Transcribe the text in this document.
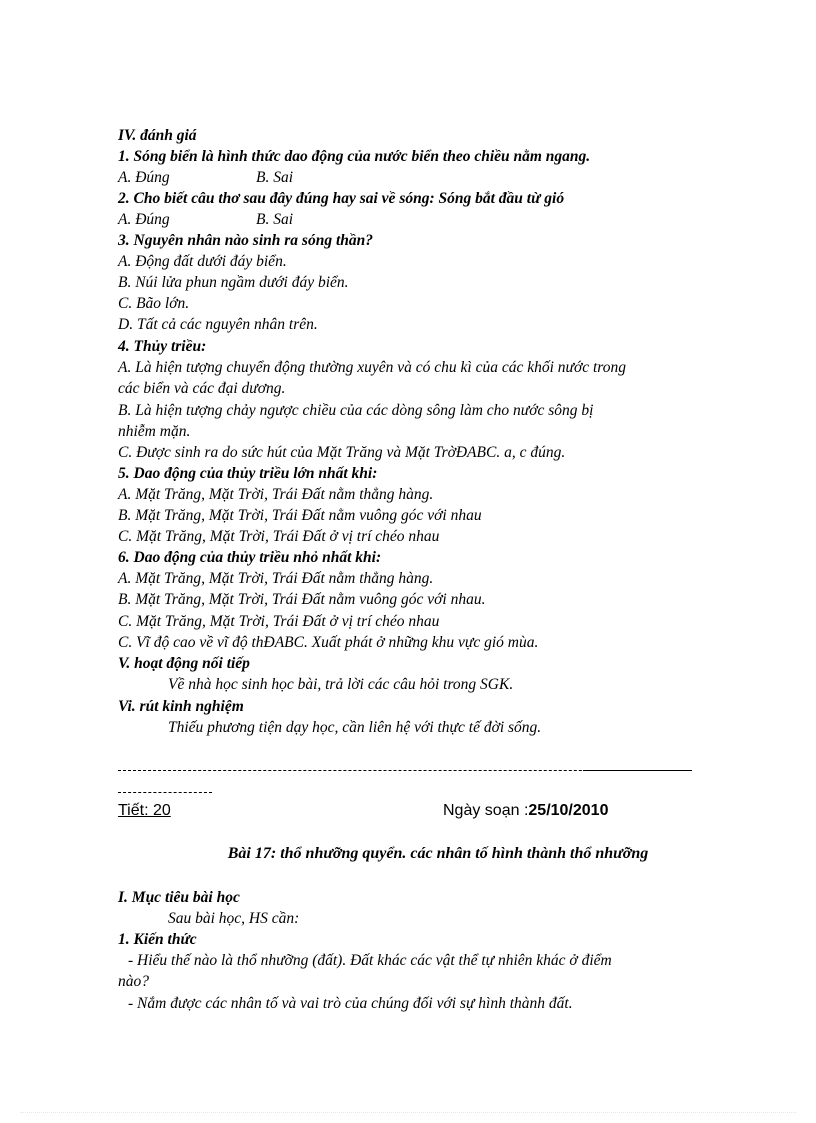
IV. đánh giá
1. Sóng biển là hình thức dao động của nước biển theo chiều nằm ngang.
A. Đúng	B. Sai
2. Cho biết câu thơ sau đây đúng hay sai về sóng: Sóng bắt đầu từ gió
A. Đúng	B. Sai
3. Nguyên nhân nào sinh ra sóng thần?
A. Động đất dưới đáy biển.
B. Núi lửa phun ngầm dưới đáy biển.
C. Bão lớn.
D. Tất cả các nguyên nhân trên.
4. Thủy triều:
A. Là hiện tượng chuyển động thường xuyên và có chu kì của các khối nước trong
các biển và các đại dương.
B. Là hiện tượng chảy ngược chiều của các dòng sông làm cho nước sông bị
nhiễm mặn.
C. Được sinh ra do sức hút của Mặt Trăng và Mặt TrờĐABC. a, c đúng.
5. Dao động của thủy triều lớn nhất khi:
A. Mặt Trăng, Mặt Trời, Trái Đất nằm thẳng hàng.
B. Mặt Trăng, Mặt Trời, Trái Đất nằm vuông góc với nhau
C. Mặt Trăng, Mặt Trời, Trái Đất ở vị trí chéo nhau
6. Dao động của thủy triều nhỏ nhất khi:
A. Mặt Trăng, Mặt Trời, Trái Đất nằm thẳng hàng.
B. Mặt Trăng, Mặt Trời, Trái Đất nằm vuông góc với nhau.
C. Mặt Trăng, Mặt Trời, Trái Đất ở vị trí chéo nhau
C. Vĩ độ cao về vĩ độ thĐABC. Xuất phát ở những khu vực gió mùa.
V. hoạt động nối tiếp
Về nhà học sinh học bài, trả lời các câu hỏi trong SGK.
Vi. rút kinh nghiệm
Thiếu phương tiện dạy học, cần liên hệ với thực tế đời sống.
Tiết: 20	Ngày soạn :25/10/2010
Bài 17: thổ nhưỡng quyển. các nhân tố hình thành thổ nhưỡng
I. Mục tiêu bài học
Sau bài học, HS cần:
1. Kiến thức
- Hiểu thế nào là thổ nhưỡng (đất). Đất khác các vật thể tự nhiên khác ở điểm
nào?
- Nắm được các nhân tố và vai trò của chúng đối với sự hình thành đất.
